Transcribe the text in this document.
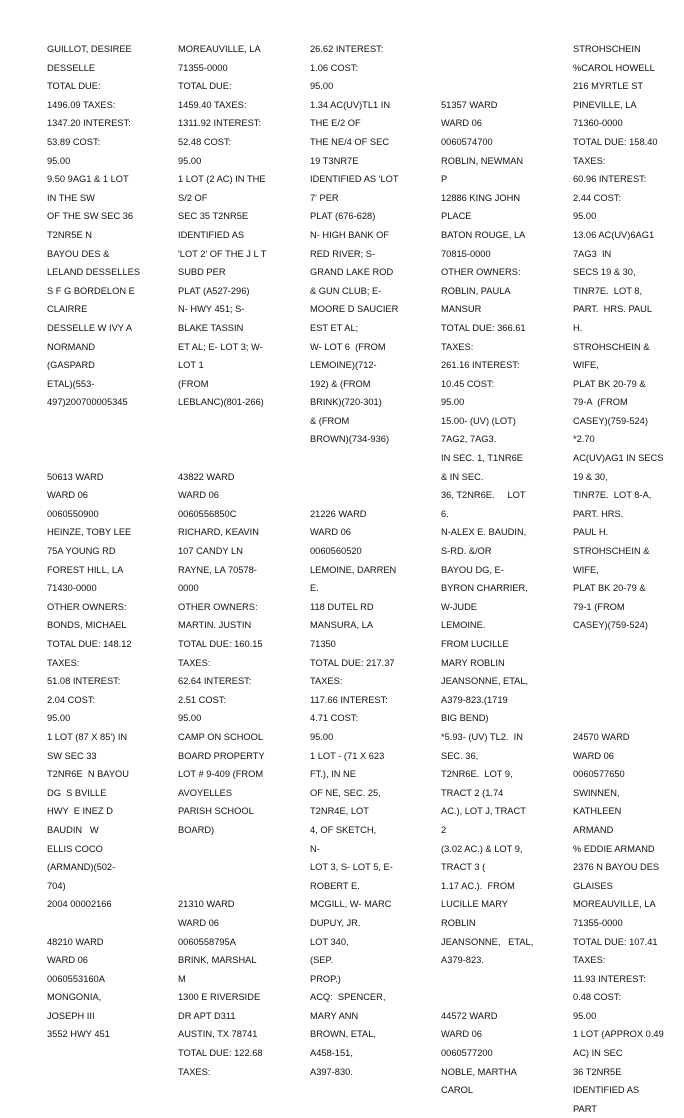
GUILLOT, DESIREE
DESSELLE
TOTAL DUE:
1496.09 TAXES:
1347.20 INTEREST:
53.89 COST:
95.00
9.50 9AG1 & 1 LOT
IN THE SW
OF THE SW SEC 36
T2NR5E N
BAYOU DES &
LELAND DESSELLES
S F G BORDELON E
CLAIRRE
DESSELLE W IVY A
NORMAND
(GASPARD
ETAL)(553-
497)200700005345
50613 WARD
WARD 06
0060550900
HEINZE, TOBY LEE
75A YOUNG RD
FOREST HILL, LA
71430-0000
OTHER OWNERS:
BONDS, MICHAEL
TOTAL DUE: 148.12
TAXES:
51.08 INTEREST:
2.04 COST:
95.00
1 LOT (87 X 85') IN
SW SEC 33
T2NR6E  N BAYOU
DG  S BVILLE
HWY  E INEZ D
BAUDIN   W
ELLIS COCO
(ARMAND)(502-
704)
2004 00002166
48210 WARD
WARD 06
0060553160A
MONGONIA,
JOSEPH III
3552 HWY 451
MOREAUVILLE, LA
71355-0000
TOTAL DUE:
1459.40 TAXES:
1311.92 INTEREST:
52.48 COST:
95.00
1 LOT (2 AC) IN THE
S/2 OF
SEC 35 T2NR5E
IDENTIFIED AS
'LOT 2' OF THE J L T
SUBD PER
PLAT (A527-296)
N- HWY 451; S-
BLAKE TASSIN
ET AL; E- LOT 3; W-
LOT 1
(FROM
LEBLANC)(801-266)
43822 WARD
WARD 06
0060556850C
RICHARD, KEAVIN
107 CANDY LN
RAYNE, LA 70578-
0000
OTHER OWNERS:
MARTIN. JUSTIN
TOTAL DUE: 160.15
TAXES:
62.64 INTEREST:
2.51 COST:
95.00
CAMP ON SCHOOL
BOARD PROPERTY
LOT # 9-409 (FROM
AVOYELLES
PARISH SCHOOL
BOARD)
21310 WARD
WARD 06
0060558795A
BRINK, MARSHAL
M
1300 E RIVERSIDE
DR APT D311
AUSTIN, TX 78741
TOTAL DUE: 122.68
TAXES:
26.62 INTEREST:
1.06 COST:
95.00
1.34 AC(UV)TL1 IN
THE E/2 OF
THE NE/4 OF SEC
19 T3NR7E
IDENTIFIED AS 'LOT
7' PER
PLAT (676-628)
N- HIGH BANK OF
RED RIVER; S-
GRAND LAKE ROD
& GUN CLUB; E-
MOORE D SAUCIER
EST ET AL;
W- LOT 6  (FROM
LEMOINE)(712-
192) & (FROM
BRINK)(720-301)
& (FROM
BROWN)(734-936)
21226 WARD
WARD 06
0060560520
LEMOINE, DARREN
E.
118 DUTEL RD
MANSURA, LA
71350
TOTAL DUE: 217.37
TAXES:
117.66 INTEREST:
4.71 COST:
95.00
1 LOT - (71 X 623
FT.), IN NE
OF NE, SEC. 25,
T2NR4E, LOT
4, OF SKETCH,
N-
LOT 3, S- LOT 5, E-
ROBERT E.
MCGILL, W- MARC
DUPUY, JR.
LOT 340,
(SEP.
PROP.)
ACQ:  SPENCER,
MARY ANN
BROWN, ETAL,
A458-151,
A397-830.
51357 WARD
WARD 06
0060574700
ROBLIN, NEWMAN
P
12886 KING JOHN
PLACE
BATON ROUGE, LA
70815-0000
OTHER OWNERS:
ROBLIN, PAULA
MANSUR
TOTAL DUE: 366.61
TAXES:
261.16 INTEREST:
10.45 COST:
95.00
15.00- (UV) (LOT)
7AG2, 7AG3.
IN SEC. 1, T1NR6E
& IN SEC.
36, T2NR6E.     LOT
6.
N-ALEX E. BAUDIN,
S-RD. &/OR
BAYOU DG, E-
BYRON CHARRIER,
W-JUDE
LEMOINE.
FROM LUCILLE
MARY ROBLIN
JEANSONNE, ETAL,
A379-823.(1719
BIG BEND)
*5.93- (UV) TL2.  IN
SEC. 36,
T2NR6E.  LOT 9,
TRACT 2 (1.74
AC.), LOT J, TRACT
2
(3.02 AC.) & LOT 9,
TRACT 3 (
1.17 AC.).  FROM
LUCILLE MARY
ROBLIN
JEANSONNE,   ETAL,
A379-823.
44572 WARD
WARD 06
0060577200
NOBLE, MARTHA
CAROL
STROHSCHEIN
%CAROL HOWELL
216 MYRTLE ST
PINEVILLE, LA
71360-0000
TOTAL DUE: 158.40
TAXES:
60.96 INTEREST:
2.44 COST:
95.00
13.06 AC(UV)6AG1
7AG3  IN
SECS 19 & 30,
TINR7E.  LOT 8,
PART.  HRS. PAUL
H.
STROHSCHEIN &
WIFE,
PLAT BK 20-79 &
79-A  (FROM
CASEY)(759-524)
*2.70
AC(UV)AG1 IN SECS
19 & 30,
TINR7E.  LOT 8-A,
PART. HRS.
PAUL H.
STROHSCHEIN &
WIFE,
PLAT BK 20-79 &
79-1 (FROM
CASEY)(759-524)
24570 WARD
WARD 06
0060577650
SWINNEN,
KATHLEEN
ARMAND
% EDDIE ARMAND
2376 N BAYOU DES
GLAISES
MOREAUVILLE, LA
71355-0000
TOTAL DUE: 107.41
TAXES:
11.93 INTEREST:
0.48 COST:
95.00
1 LOT (APPROX 0.49
AC) IN SEC
36 T2NR5E
IDENTIFIED AS
PART
